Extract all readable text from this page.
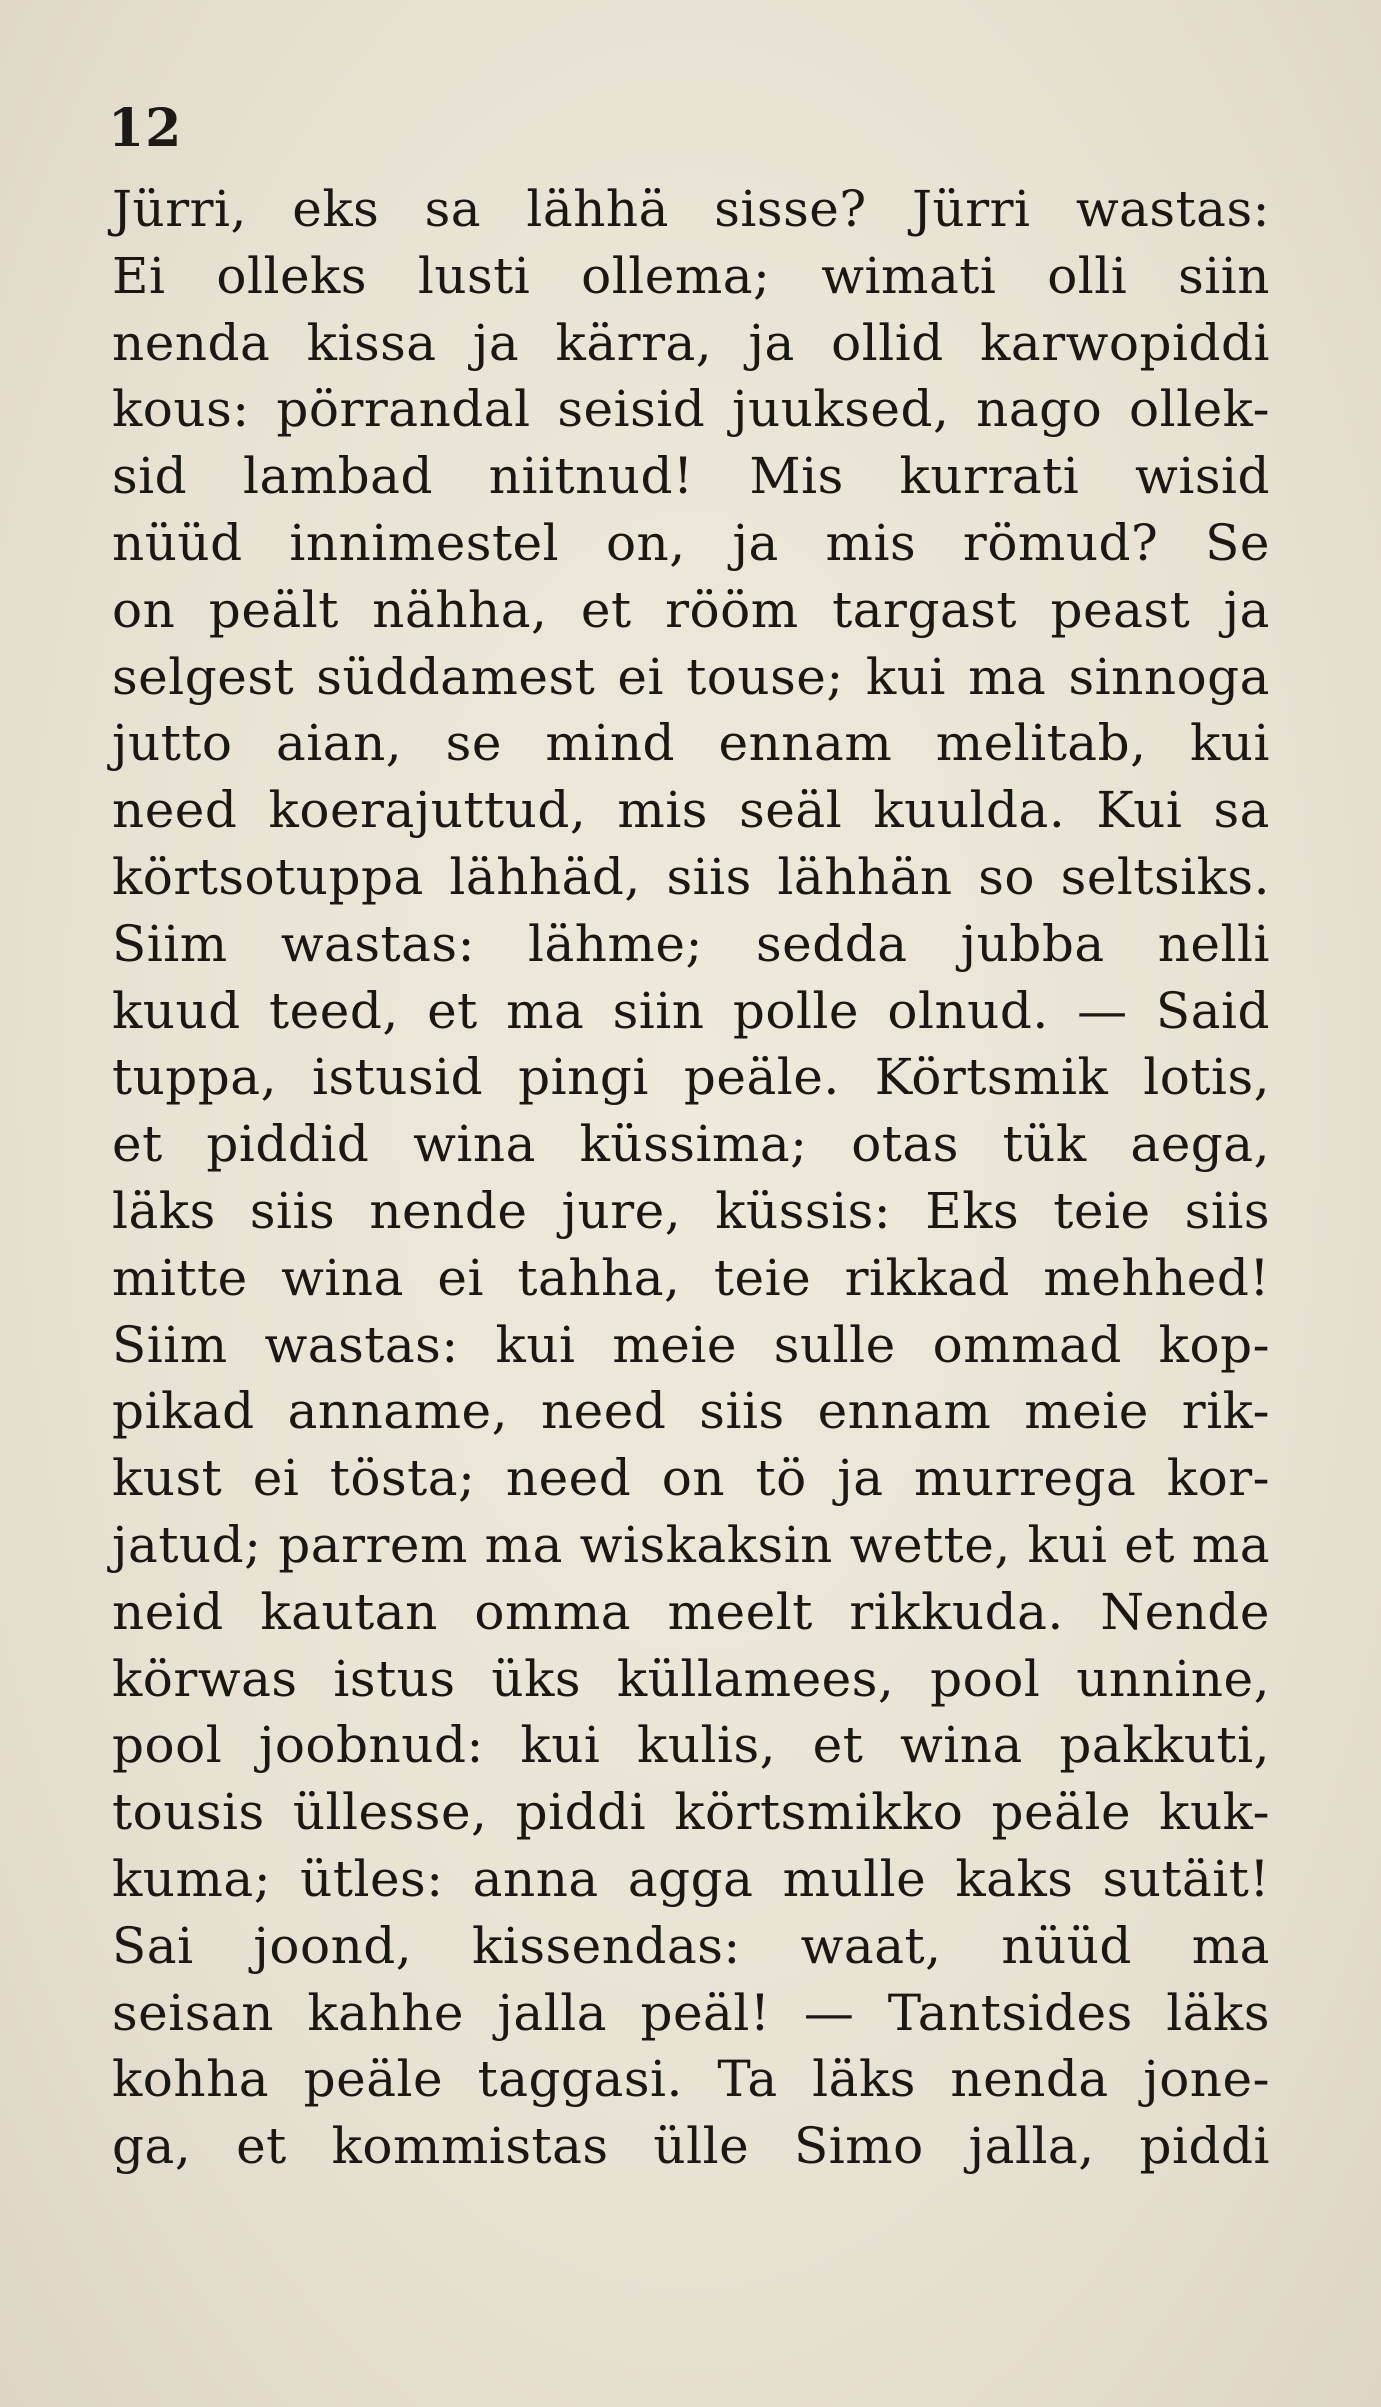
12
Jürri, eks sa lähhä sisse? Jürri wastas:
Ei olleks lusti ollema; wimati olli siin
nenda kissa ja kärra, ja ollid karwopiddi
kous: pörrandal seisid juuksed, nago ollek-
sid lambad niitnud! Mis kurrati wisid
nüüd innimestel on, ja mis römud? Se
on peält nähha, et rööm targast peast ja
selgest süddamest ei touse; kui ma sinnoga
jutto aian, se mind ennam melitab, kui
need koerajuttud, mis seäl kuulda. Kui sa
körtsotuppa lähhäd, siis lähhän so seltsiks.
Siim wastas: lähme; sedda jubba nelli
kuud teed, et ma siin polle olnud. — Said
tuppa, istusid pingi peäle. Körtsmik lotis,
et piddid wina küssima; otas tük aega,
läks siis nende jure, küssis: Eks teie siis
mitte wina ei tahha, teie rikkad mehhed!
Siim wastas: kui meie sulle ommad kop-
pikad anname, need siis ennam meie rik-
kust ei tösta; need on tö ja murrega kor-
jatud; parrem ma wiskaksin wette, kui et ma
neid kautan omma meelt rikkuda. Nende
körwas istus üks küllamees, pool unnine,
pool joobnud: kui kulis, et wina pakkuti,
tousis üllesse, piddi körtsmikko peäle kuk-
kuma; ütles: anna agga mulle kaks sutäit!
Sai joond, kissendas: waat, nüüd ma
seisan kahhe jalla peäl! — Tantsides läks
kohha peäle taggasi. Ta läks nenda jone-
ga, et kommistas ülle Simo jalla, piddi
